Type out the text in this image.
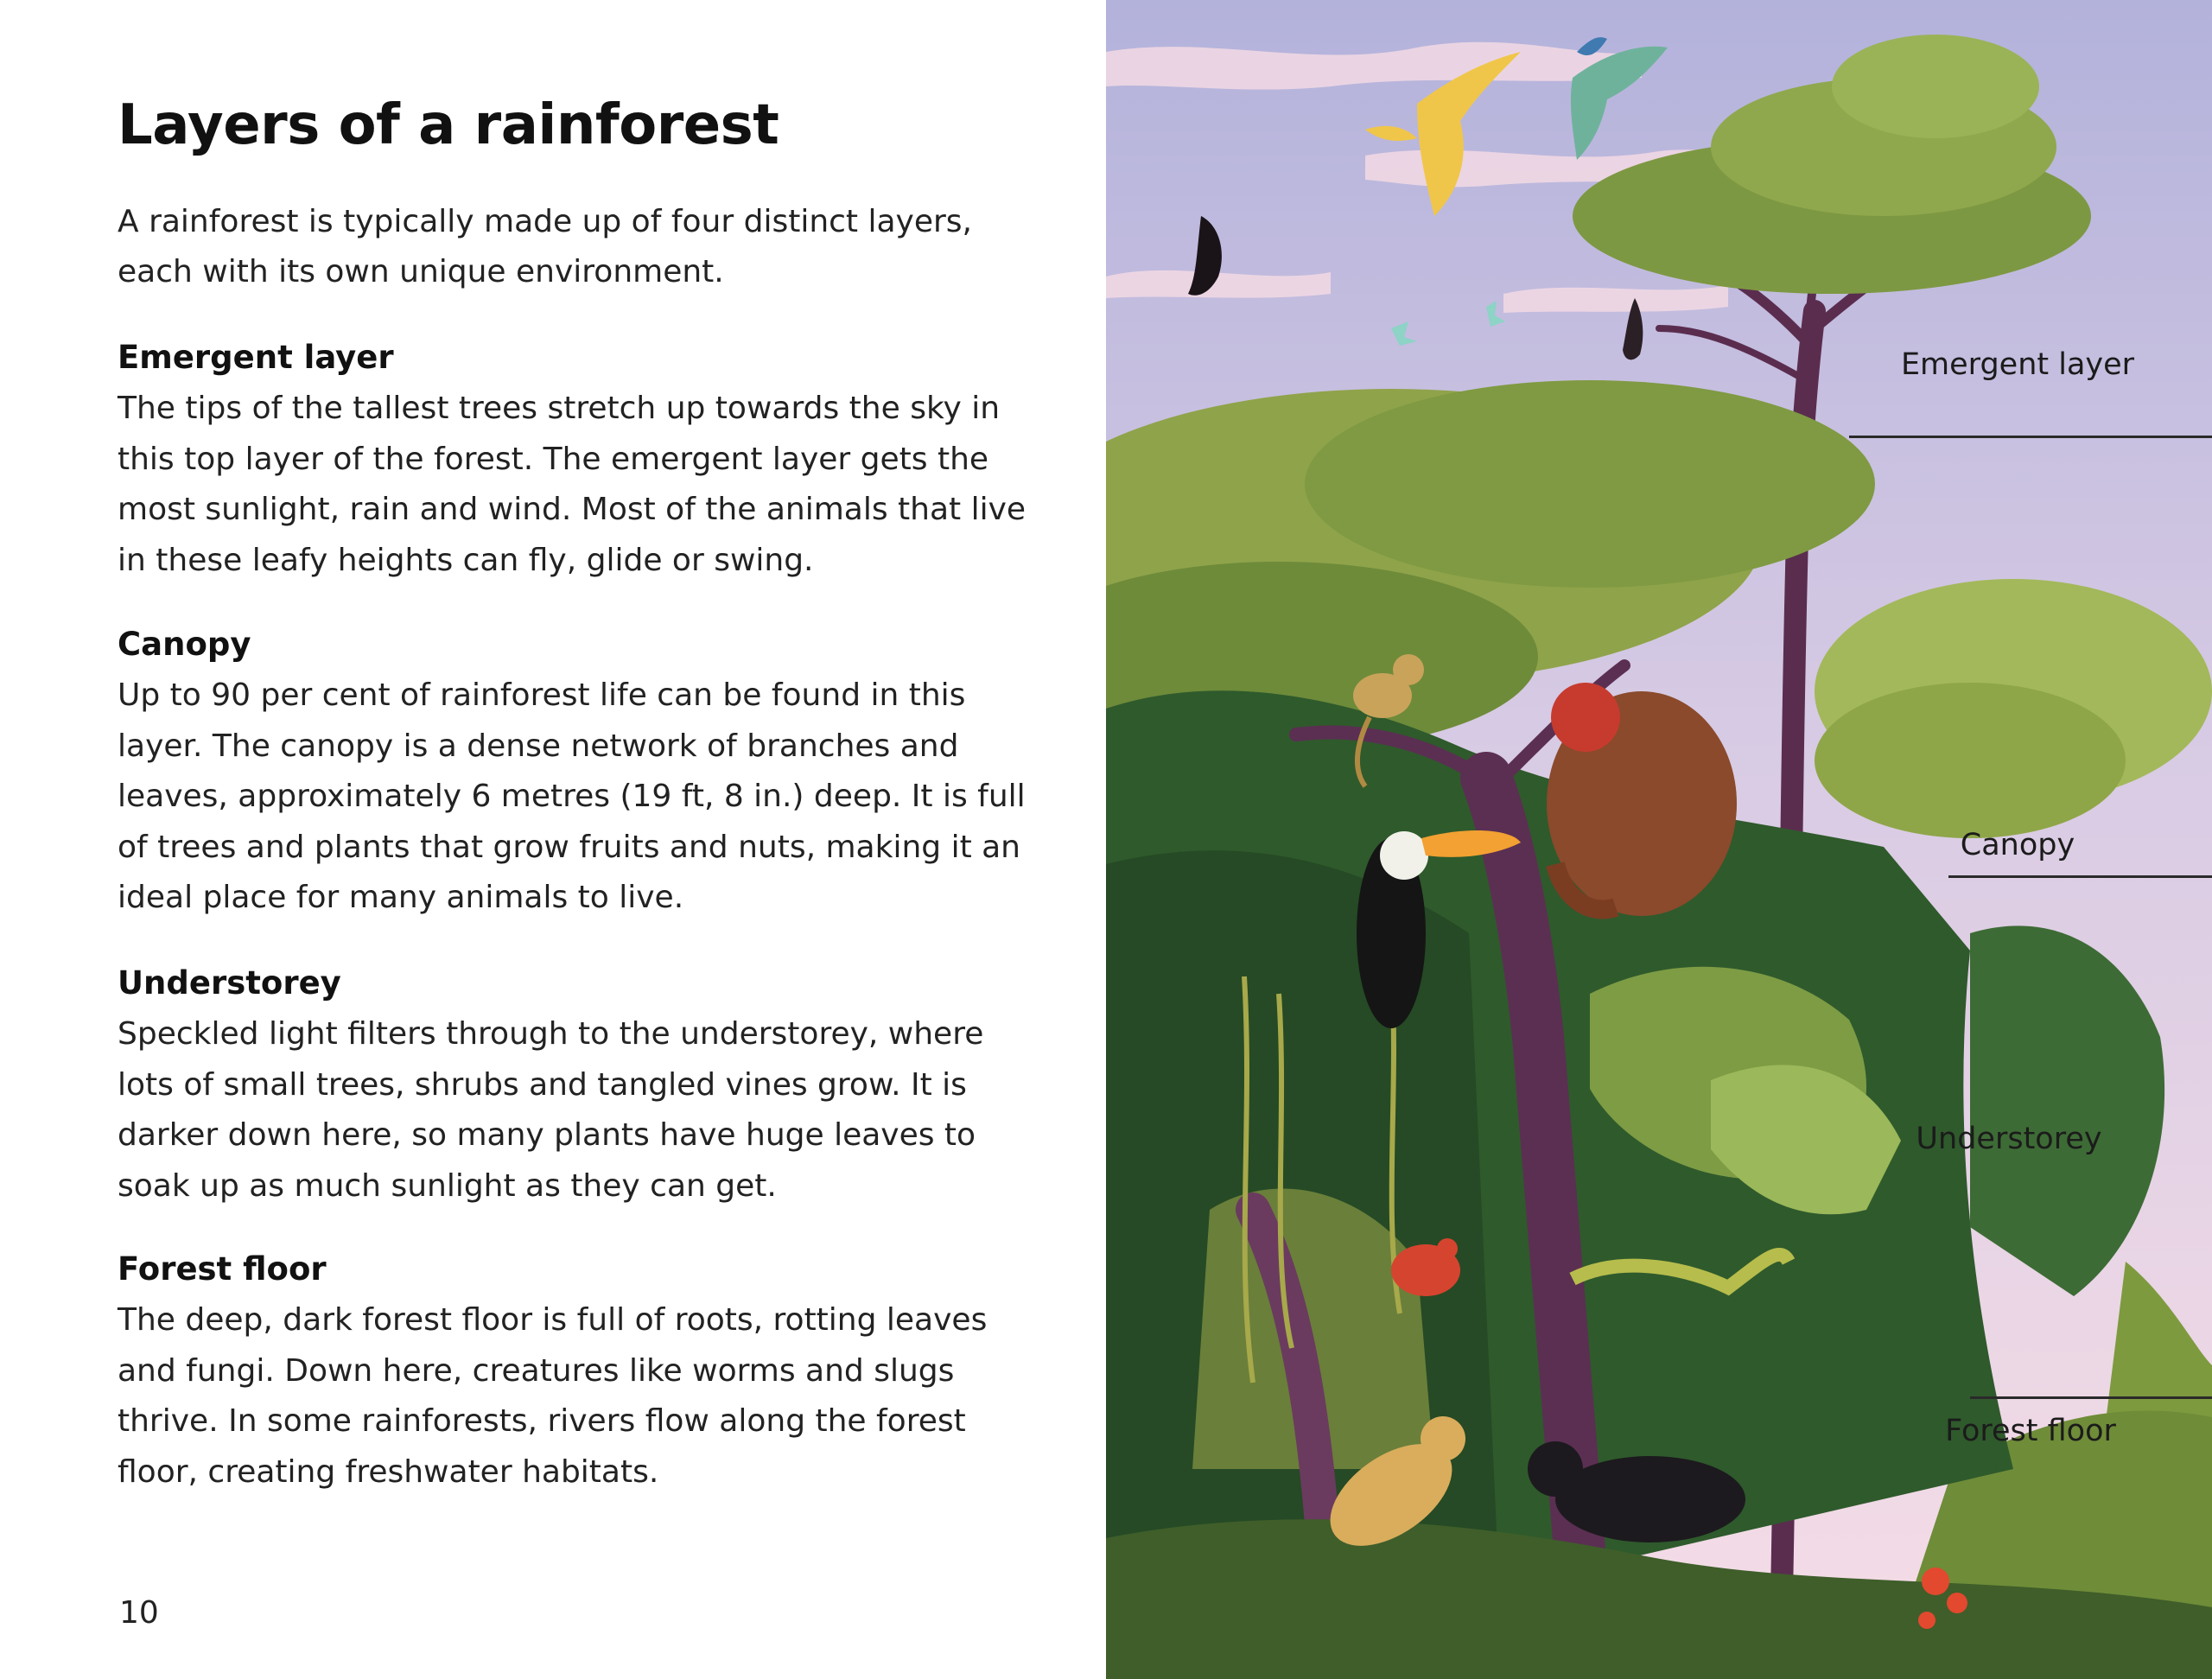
Layers of a rainforest

A rainforest is typically made up of four distinct layers, each with its own unique environment.

Emergent layer

The tips of the tallest trees stretch up towards the sky in this top layer of the forest. The emergent layer gets the most sunlight, rain and wind. Most of the animals that live in these leafy heights can fly, glide or swing.

Canopy

Up to 90 per cent of rainforest life can be found in this layer. The canopy is a dense network of branches and leaves, approximately 6 metres (19 ft, 8 in.) deep. It is full of trees and plants that grow fruits and nuts, making it an ideal place for many animals to live.

Understorey

Speckled light filters through to the understorey, where lots of small trees, shrubs and tangled vines grow. It is darker down here, so many plants have huge leaves to soak up as much sunlight as they can get.

Forest floor

The deep, dark forest floor is full of roots, rotting leaves and fungi. Down here, creatures like worms and slugs thrive. In some rainforests, rivers flow along the forest floor, creating freshwater habitats.

10
Emergent layer
Canopy
Understorey
Forest floor
